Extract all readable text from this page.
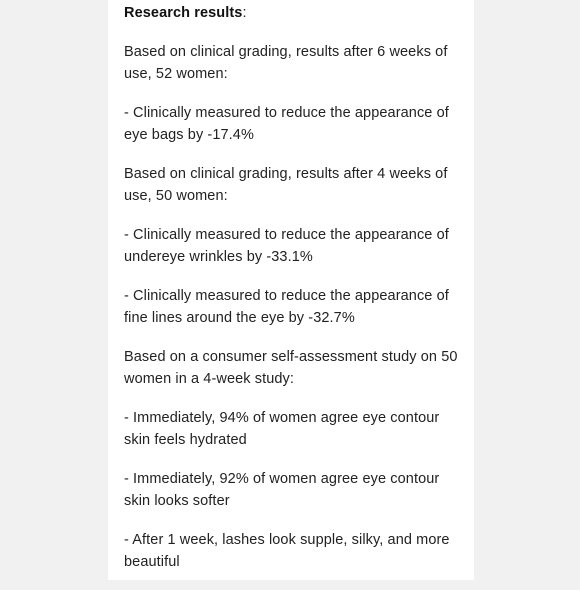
Research results:

Based on clinical grading, results after 6 weeks of use, 52 women:

- Clinically measured to reduce the appearance of eye bags by -17.4%

Based on clinical grading, results after 4 weeks of use, 50 women:

- Clinically measured to reduce the appearance of undereye wrinkles by -33.1%

- Clinically measured to reduce the appearance of fine lines around the eye by -32.7%

Based on a consumer self-assessment study on 50 women in a 4-week study:

- Immediately, 94% of women agree eye contour skin feels hydrated

- Immediately, 92% of women agree eye contour skin looks softer

- After 1 week, lashes look supple, silky, and more beautiful
